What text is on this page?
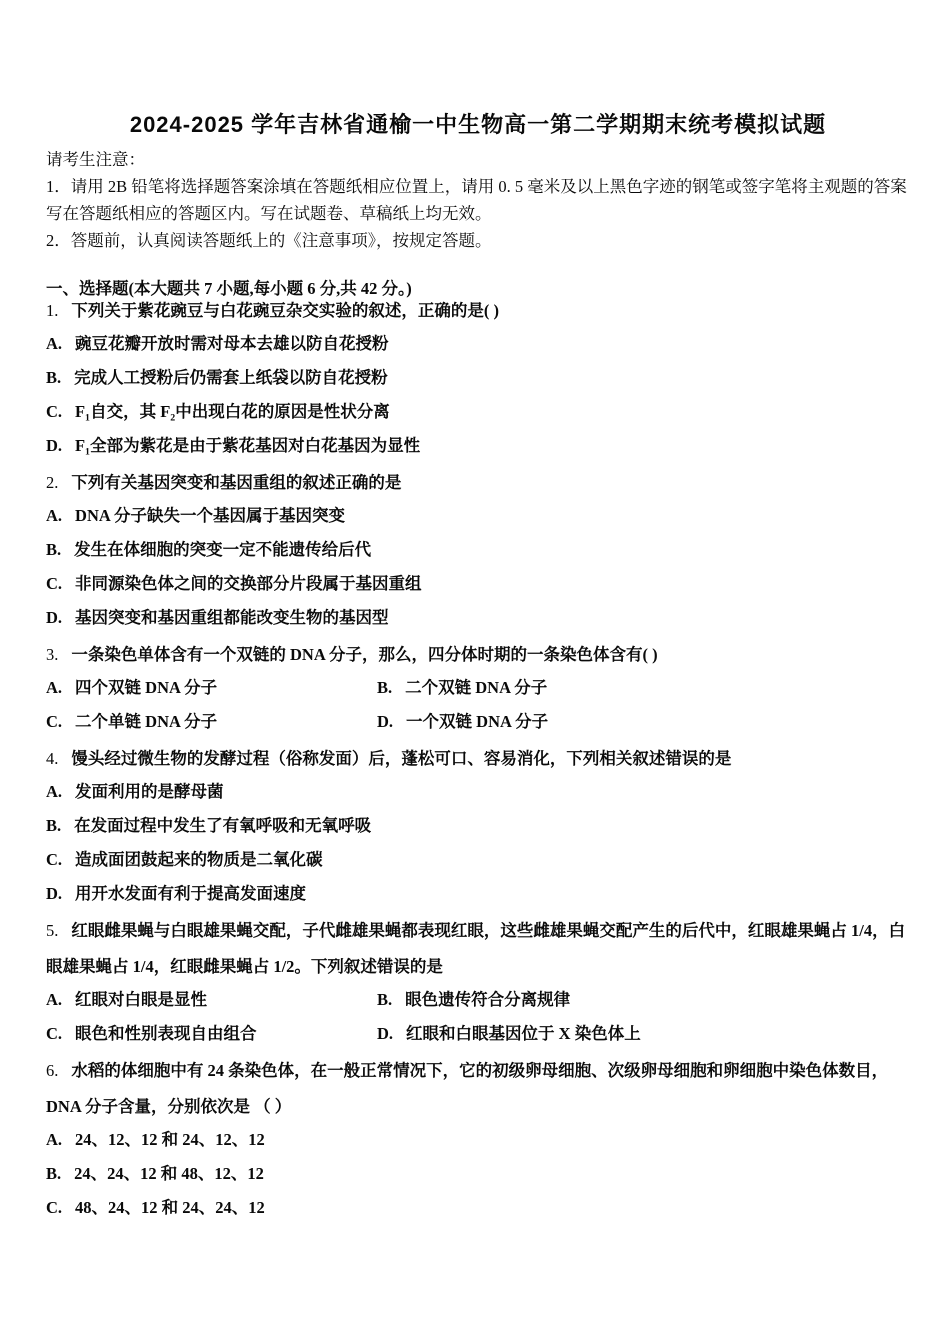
2024-2025 学年吉林省通榆一中生物高一第二学期期末统考模拟试题
请考生注意：
1．请用 2B 铅笔将选择题答案涂填在答题纸相应位置上，请用 0. 5 毫米及以上黑色字迹的钢笔或签字笔将主观题的答案写在答题纸相应的答题区内。写在试题卷、草稿纸上均无效。
2．答题前，认真阅读答题纸上的《注意事项》，按规定答题。
一、选择题(本大题共 7 小题,每小题 6 分,共 42 分。)

1. 下列关于紫花豌豆与白花豌豆杂交实验的叙述，正确的是( )

A. 豌豆花瓣开放时需对母本去雄以防自花授粉
B. 完成人工授粉后仍需套上纸袋以防自花授粉
C. F₁自交，其 F₂中出现白花的原因是性状分离
D. F₁全部为紫花是由于紫花基因对白花基因为显性

2. 下列有关基因突变和基因重组的叙述正确的是

A. DNA 分子缺失一个基因属于基因突变
B. 发生在体细胞的突变一定不能遗传给后代
C. 非同源染色体之间的交换部分片段属于基因重组
D. 基因突变和基因重组都能改变生物的基因型

3. 一条染色单体含有一个双链的 DNA 分子，那么，四分体时期的一条染色体含有( )

A. 四个双链 DNA 分子	B. 二个双链 DNA 分子
C. 二个单链 DNA 分子	D. 一个双链 DNA 分子

4. 馒头经过微生物的发酵过程（俗称发面）后，蓬松可口、容易消化，下列相关叙述错误的是

A. 发面利用的是酵母菌
B. 在发面过程中发生了有氧呼吸和无氧呼吸
C. 造成面团鼓起来的物质是二氧化碳
D. 用开水发面有利于提高发面速度

5. 红眼雌果蝇与白眼雄果蝇交配，子代雌雄果蝇都表现红眼，这些雌雄果蝇交配产生的后代中，红眼雄果蝇占 1/4，白眼雄果蝇占 1/4，红眼雌果蝇占 1/2。下列叙述错误的是

A. 红眼对白眼是显性	B. 眼色遗传符合分离规律
C. 眼色和性别表现自由组合	D. 红眼和白眼基因位于 X 染色体上

6. 水稻的体细胞中有 24 条染色体，在一般正常情况下，它的初级卵母细胞、次级卵母细胞和卵细胞中染色体数目，DNA 分子含量，分别依次是 （ ）

A. 24、12、12 和 24、12、12
B. 24、24、12 和 48、12、12
C. 48、24、12 和 24、24、12
